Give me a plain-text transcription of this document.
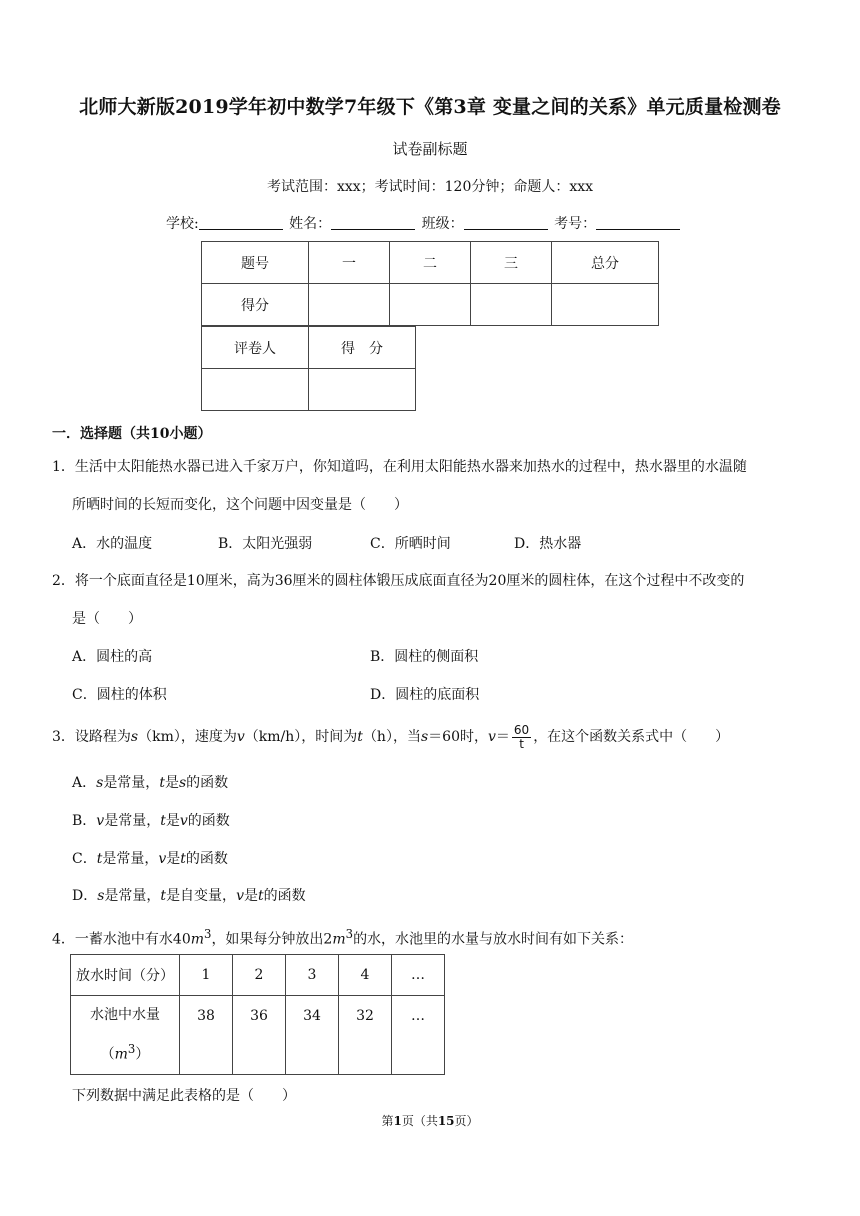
北师大新版2019学年初中数学7年级下《第3章 变量之间的关系》单元质量检测卷
试卷副标题
考试范围：xxx；考试时间：120分钟；命题人：xxx
学校:	姓名：	班级：	考号：
题号	一	二	三	总分
得分				
评卷人	得　分

一．选择题（共10小题）
1．生活中太阳能热水器已进入千家万户，你知道吗，在利用太阳能热水器来加热水的过程中，热水器里的水温随
所晒时间的长短而变化，这个问题中因变量是（　　）
A．水的温度	B．太阳光强弱	C．所晒时间	D．热水器
2．将一个底面直径是10厘米，高为36厘米的圆柱体锻压成底面直径为20厘米的圆柱体，在这个过程中不改变的
是（　　）
A．圆柱的高	B．圆柱的侧面积
C．圆柱的体积	D．圆柱的底面积
3．设路程为s（km），速度为v（km/h），时间为t（h），当s＝60时，$v= \frac{60}{t}$ ，在这个函数关系式中（　　）
A．s是常量，t是s的函数
B．v是常量，t是v的函数
C．t是常量，v是t的函数
D．s是常量，t是自变量，v是t的函数
4．一蓄水池中有水$40m^3$，如果每分钟放出$2m^3$的水，水池里的水量与放水时间有如下关系：
放水时间（分）	1	2	3	4	…
水池中水量
$(m^3)$	38	36	34	32	…
下列数据中满足此表格的是（　　）
第1页（共15页）
